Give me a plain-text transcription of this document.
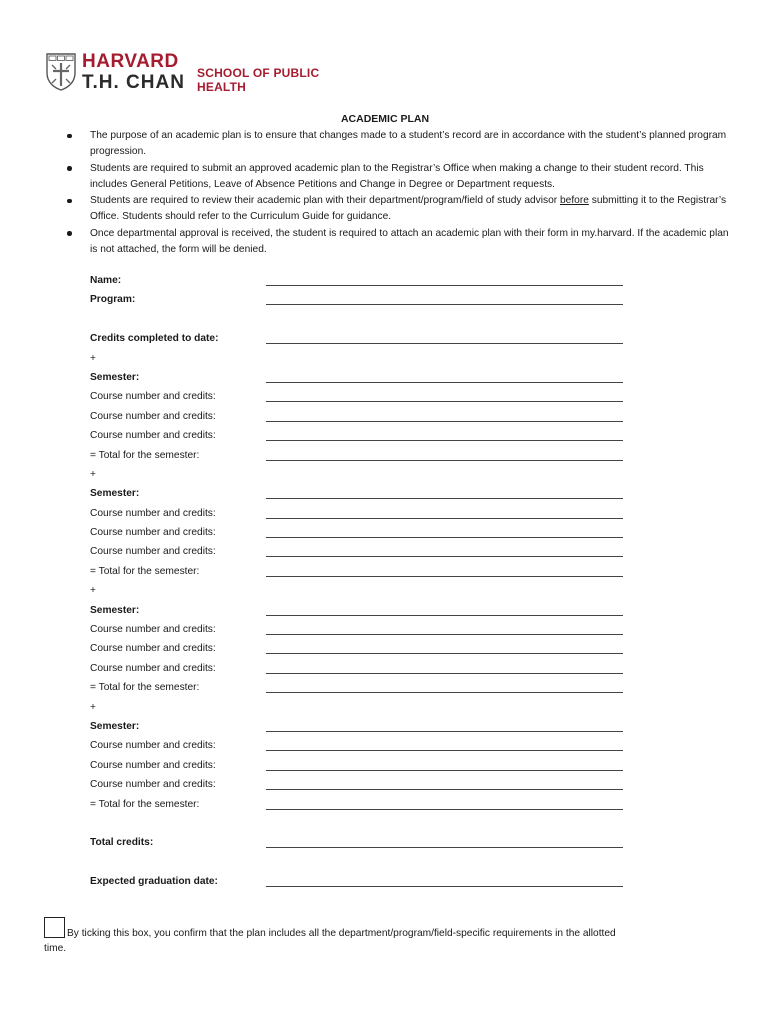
HARVARD
T.H. CHAN SCHOOL OF PUBLIC HEALTH
ACADEMIC PLAN
The purpose of an academic plan is to ensure that changes made to a student’s record are in accordance with the student’s planned program progression.
Students are required to submit an approved academic plan to the Registrar’s Office when making a change to their student record. This includes General Petitions, Leave of Absence Petitions and Change in Degree or Department requests.
Students are required to review their academic plan with their department/program/field of study advisor before submitting it to the Registrar’s Office. Students should refer to the Curriculum Guide for guidance.
Once departmental approval is received, the student is required to attach an academic plan with their form in my.harvard. If the academic plan is not attached, the form will be denied.
Name:
Program:
Credits completed to date:
+
Semester:
Course number and credits:
Course number and credits:
Course number and credits:
= Total for the semester:
+
Semester:
Course number and credits:
Course number and credits:
Course number and credits:
= Total for the semester:
+
Semester:
Course number and credits:
Course number and credits:
Course number and credits:
= Total for the semester:
+
Semester:
Course number and credits:
Course number and credits:
Course number and credits:
= Total for the semester:
Total credits:
Expected graduation date:
By ticking this box, you confirm that the plan includes all the department/program/field-specific requirements in the allotted
time.
